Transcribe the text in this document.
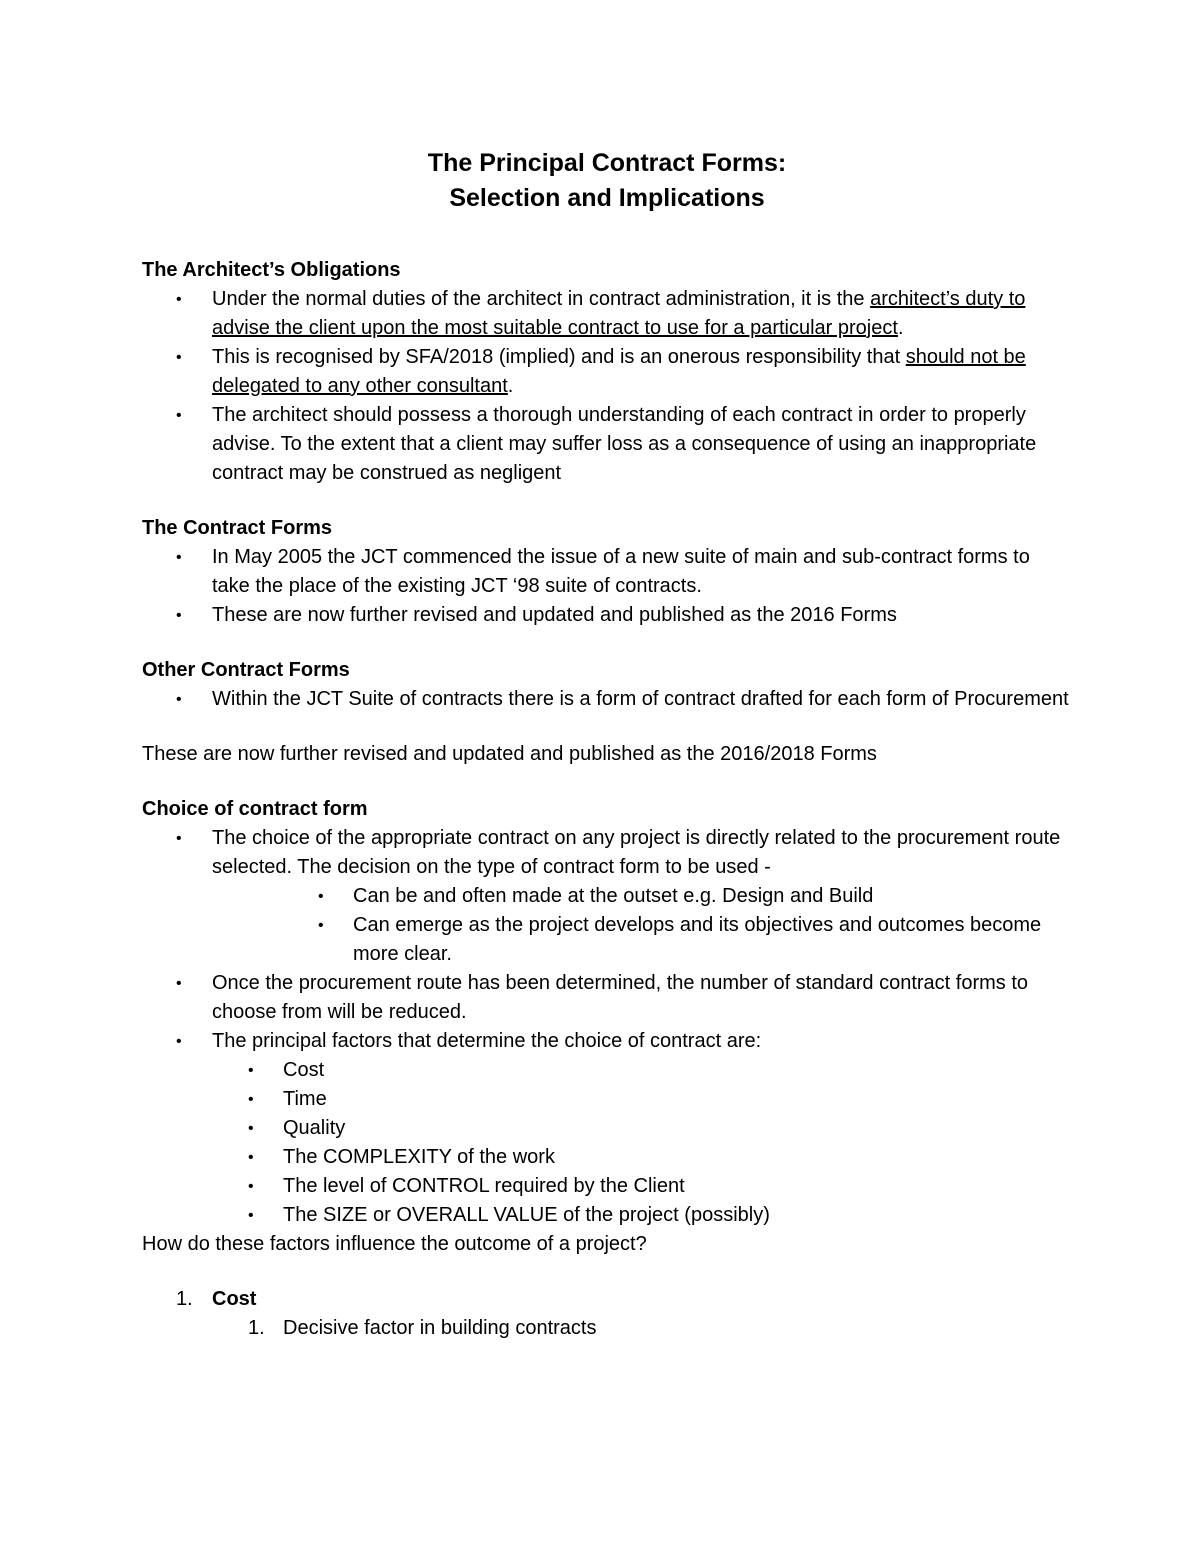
The Principal Contract Forms:
Selection and Implications

The Architect’s Obligations

• Under the normal duties of the architect in contract administration, it is the architect’s duty to advise the client upon the most suitable contract to use for a particular project.
• This is recognised by SFA/2018 (implied) and is an onerous responsibility that should not be delegated to any other consultant.
• The architect should possess a thorough understanding of each contract in order to properly advise. To the extent that a client may suffer loss as a consequence of using an inappropriate contract may be construed as negligent

The Contract Forms

• In May 2005 the JCT commenced the issue of a new suite of main and sub-contract forms to take the place of the existing JCT ‘98 suite of contracts.
• These are now further revised and updated and published as the 2016 Forms

Other Contract Forms

• Within the JCT Suite of contracts there is a form of contract drafted for each form of Procurement

These are now further revised and updated and published as the 2016/2018 Forms

Choice of contract form

• The choice of the appropriate contract on any project is directly related to the procurement route selected. The decision on the type of contract form to be used -
• Can be and often made at the outset e.g. Design and Build
• Can emerge as the project develops and its objectives and outcomes become more clear.
• Once the procurement route has been determined, the number of standard contract forms to choose from will be reduced.
• The principal factors that determine the choice of contract are:
• Cost
• Time
• Quality
• The COMPLEXITY of the work
• The level of CONTROL required by the Client
• The SIZE or OVERALL VALUE of the project (possibly)

How do these factors influence the outcome of a project?

1. Cost
1. Decisive factor in building contracts
